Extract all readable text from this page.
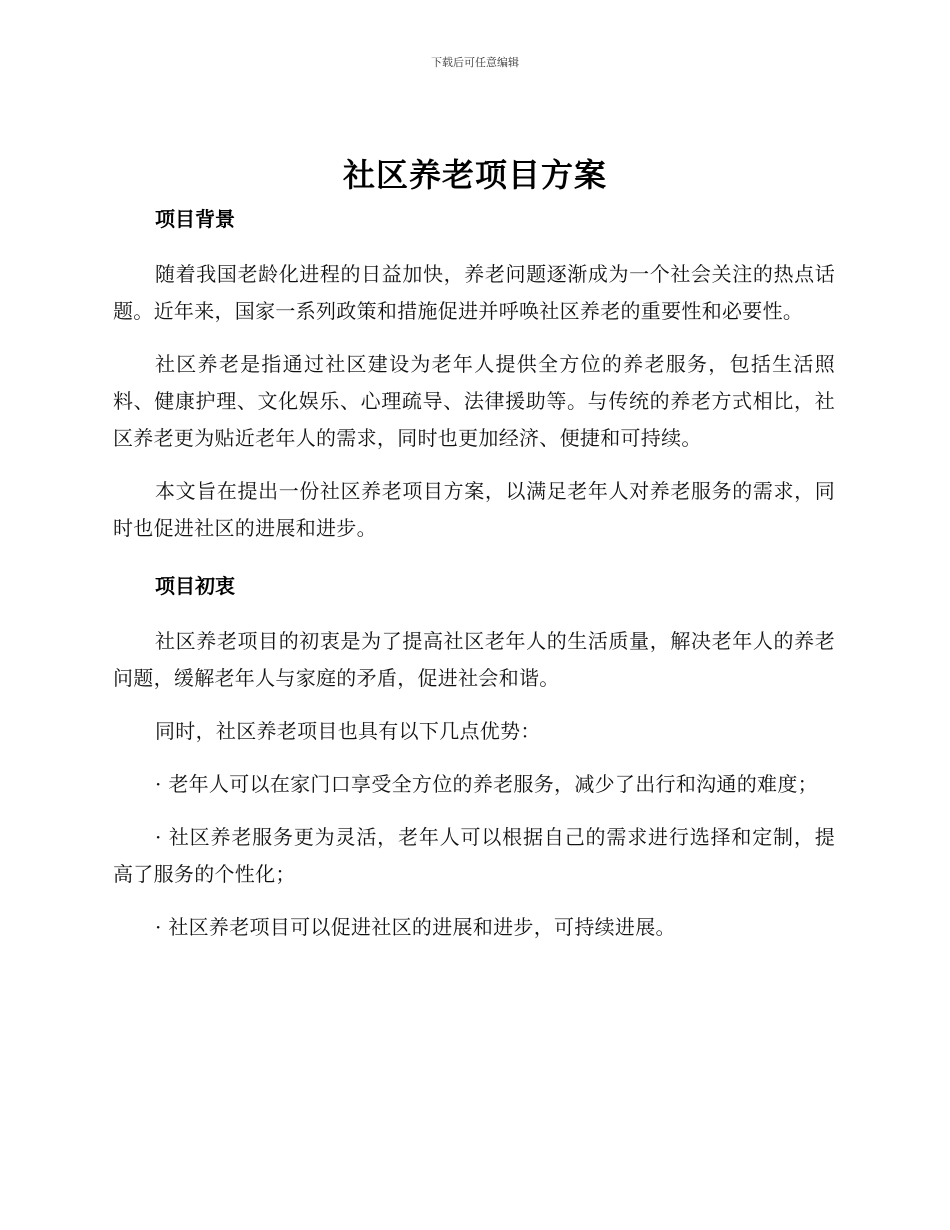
下载后可任意编辑
社区养老项目方案
项目背景

随着我国老龄化进程的日益加快，养老问题逐渐成为一个社会关注的热点话题。近年来，国家一系列政策和措施促进并呼唤社区养老的重要性和必要性。

社区养老是指通过社区建设为老年人提供全方位的养老服务，包括生活照料、健康护理、文化娱乐、心理疏导、法律援助等。与传统的养老方式相比，社区养老更为贴近老年人的需求，同时也更加经济、便捷和可持续。

本文旨在提出一份社区养老项目方案，以满足老年人对养老服务的需求，同时也促进社区的进展和进步。

项目初衷

社区养老项目的初衷是为了提高社区老年人的生活质量，解决老年人的养老问题，缓解老年人与家庭的矛盾，促进社会和谐。

同时，社区养老项目也具有以下几点优势：

· 老年人可以在家门口享受全方位的养老服务，减少了出行和沟通的难度；

· 社区养老服务更为灵活，老年人可以根据自己的需求进行选择和定制，提高了服务的个性化；

· 社区养老项目可以促进社区的进展和进步，可持续进展。
